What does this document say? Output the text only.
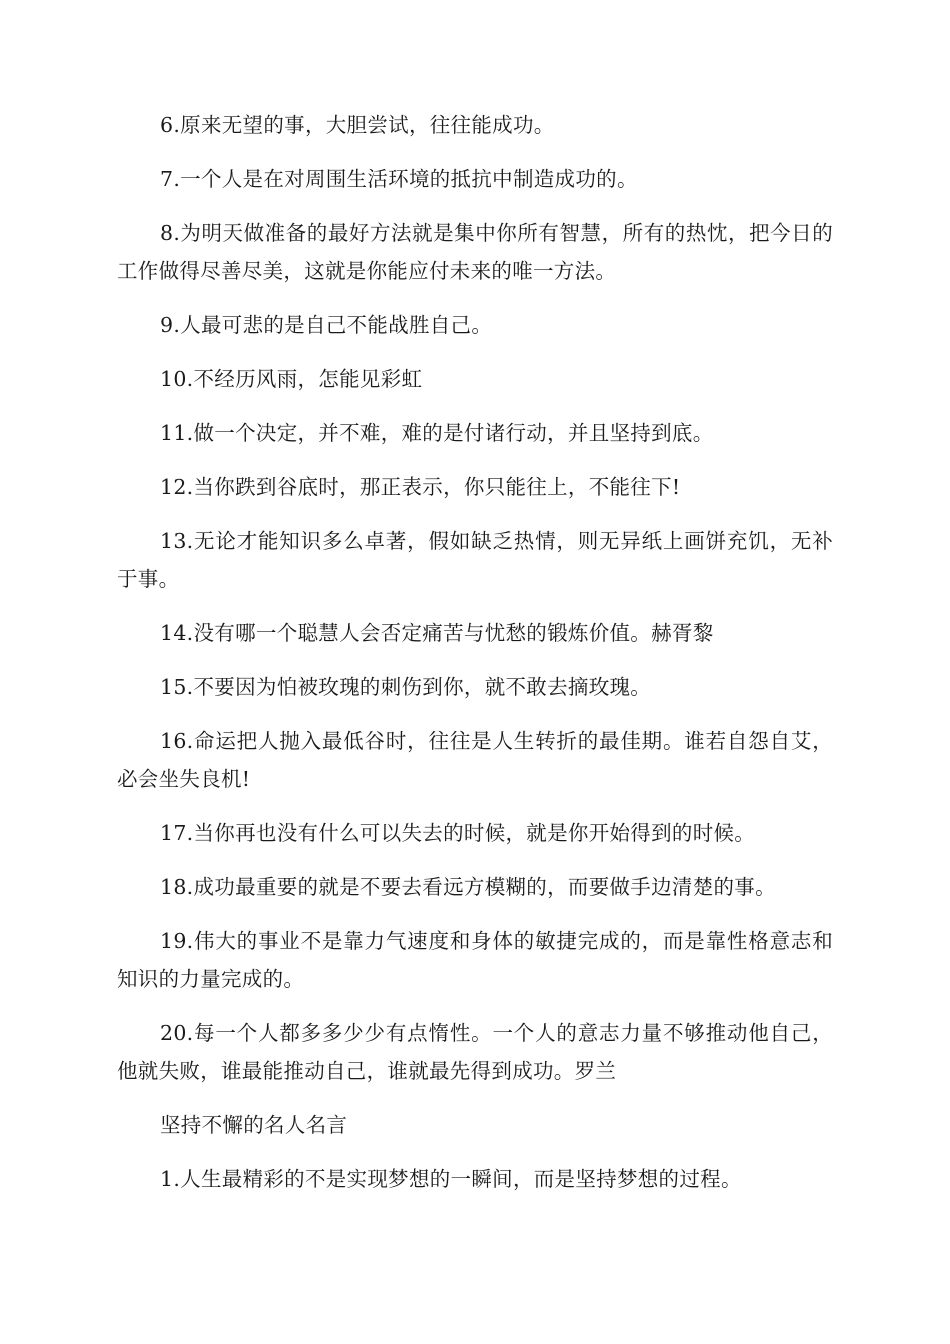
6.原来无望的事，大胆尝试，往往能成功。

7.一个人是在对周围生活环境的抵抗中制造成功的。

8.为明天做准备的最好方法就是集中你所有智慧，所有的热忱，把今日的工作做得尽善尽美，这就是你能应付未来的唯一方法。

9.人最可悲的是自己不能战胜自己。

10.不经历风雨，怎能见彩虹

11.做一个决定，并不难，难的是付诸行动，并且坚持到底。

12.当你跌到谷底时，那正表示，你只能往上，不能往下!

13.无论才能知识多么卓著，假如缺乏热情，则无异纸上画饼充饥，无补于事。

14.没有哪一个聪慧人会否定痛苦与忧愁的锻炼价值。赫胥黎

15.不要因为怕被玫瑰的刺伤到你，就不敢去摘玫瑰。

16.命运把人抛入最低谷时，往往是人生转折的最佳期。谁若自怨自艾，必会坐失良机!

17.当你再也没有什么可以失去的时候，就是你开始得到的时候。

18.成功最重要的就是不要去看远方模糊的，而要做手边清楚的事。

19.伟大的事业不是靠力气速度和身体的敏捷完成的，而是靠性格意志和知识的力量完成的。

20.每一个人都多多少少有点惰性。一个人的意志力量不够推动他自己，他就失败，谁最能推动自己，谁就最先得到成功。罗兰

坚持不懈的名人名言

1.人生最精彩的不是实现梦想的一瞬间，而是坚持梦想的过程。
